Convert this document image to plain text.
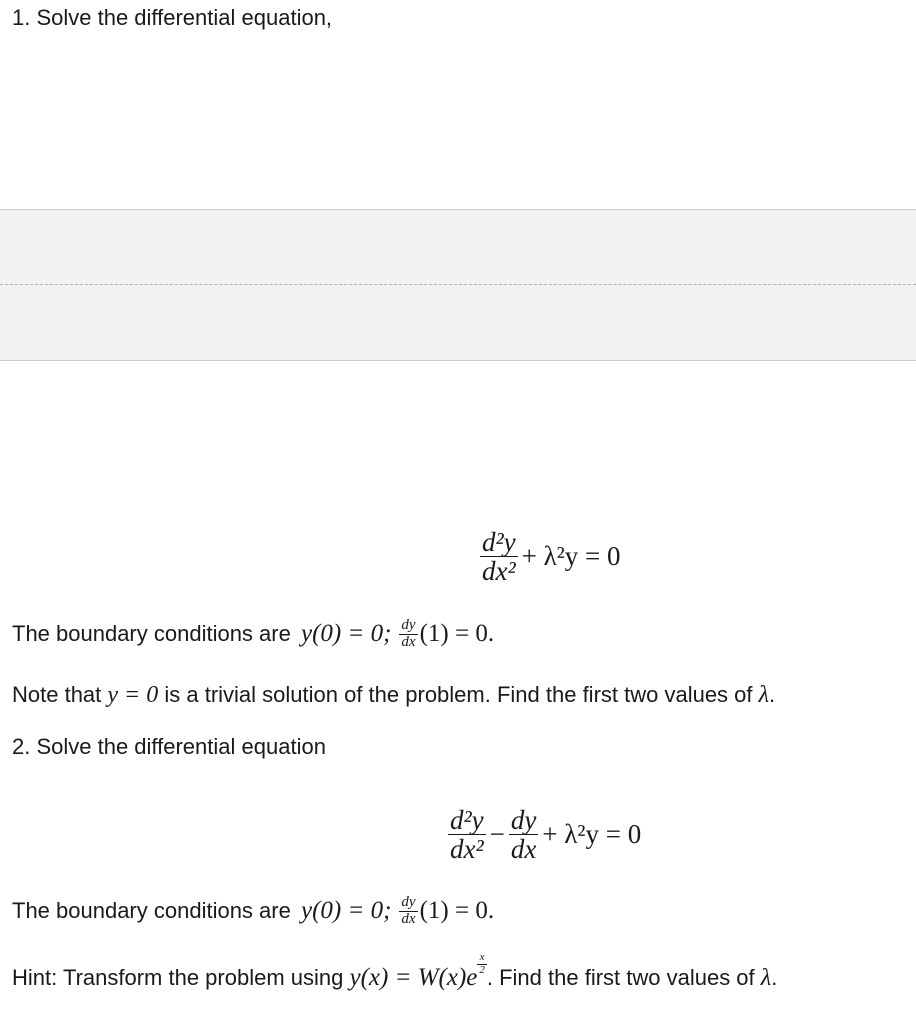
1. Solve the differential equation,
$\frac{\text{d²y}}{\text{dx²}} + \lambda^2y = 0$
The boundary conditions are y(0) = 0; $\frac{dy}{dx} (1) = 0$.
Note that y = 0 is a trivial solution of the problem. Find the first two values of λ.
2. Solve the differential equation
$\frac{\text{d²y}}{\text{dx²}} - \frac{dy}{dx} + \lambda^2y = 0$
The boundary conditions are y(0) = 0; $\frac{dy}{dx} (1) = 0$.
Hint: Transform the problem using $y(x) = W(x)e \frac{x}{2}$
. Find the first two values of λ .
